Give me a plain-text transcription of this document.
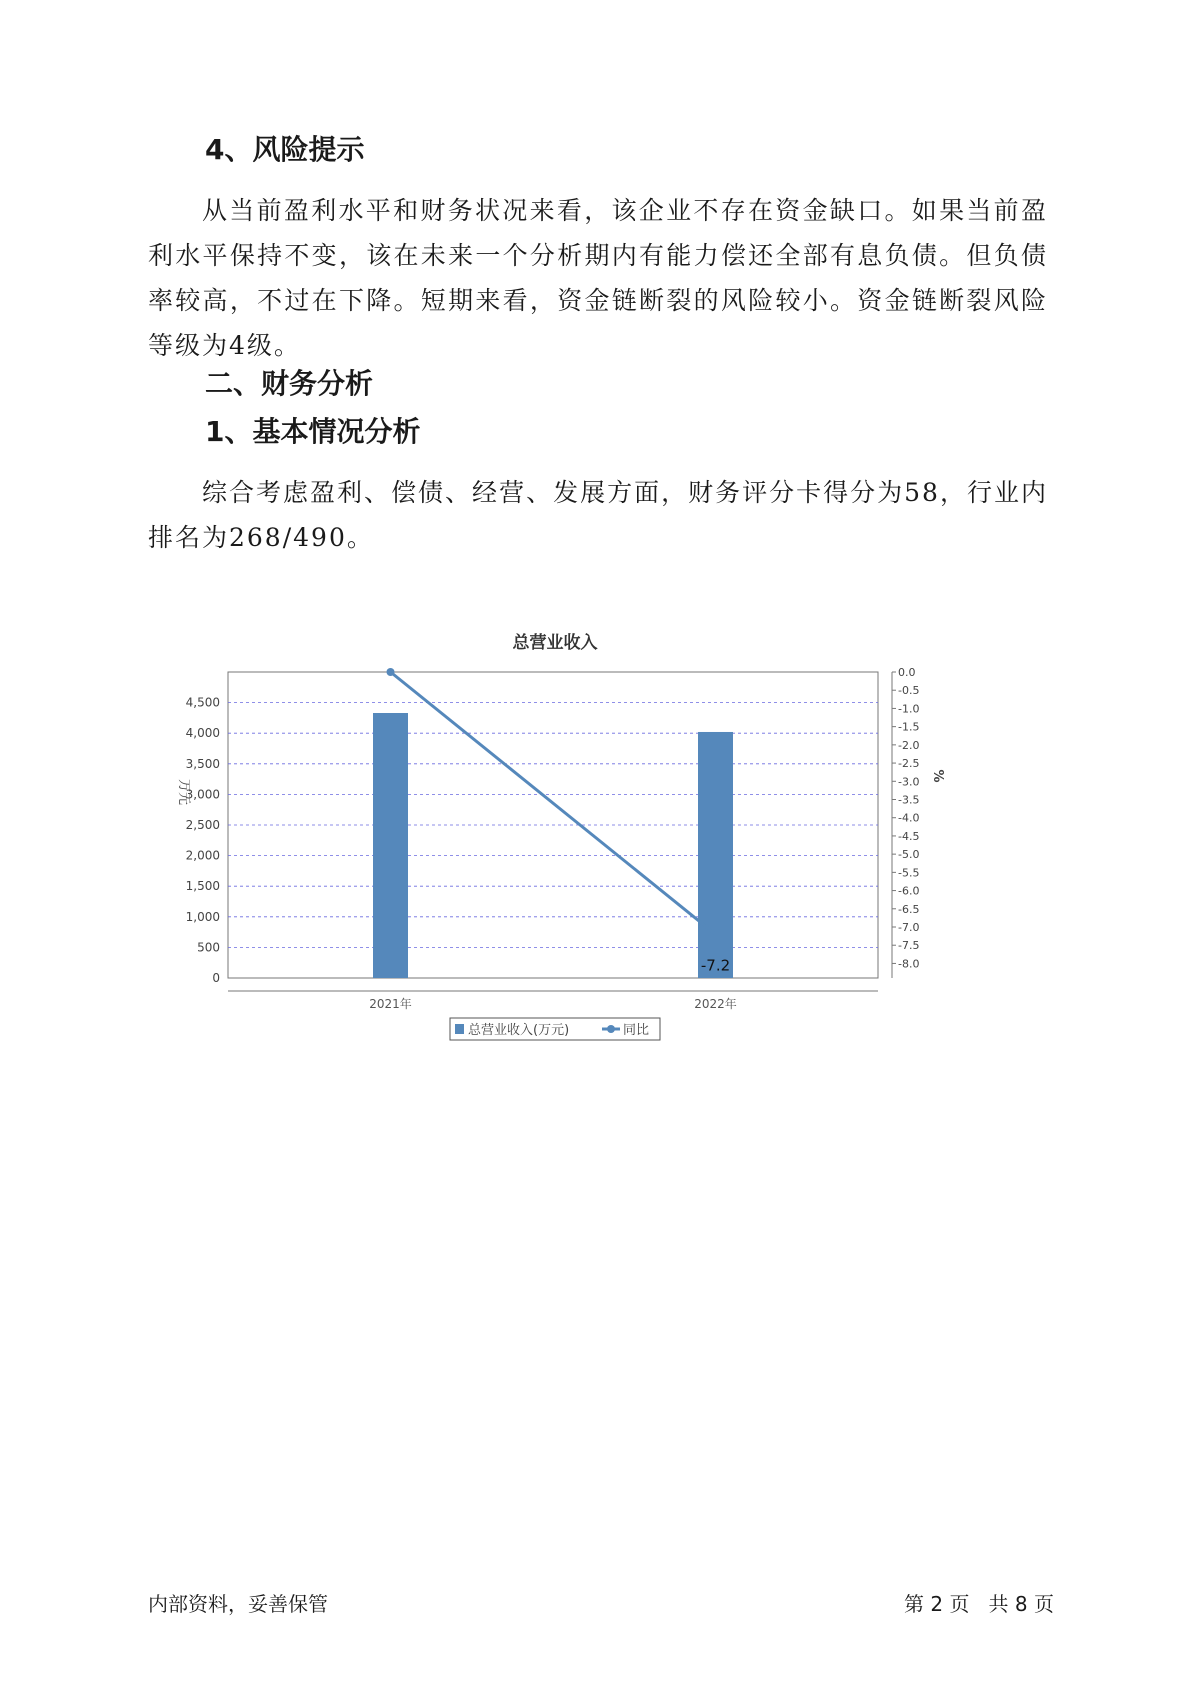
4、风险提示

从当前盈利水平和财务状况来看，该企业不存在资金缺口。如果当前盈利水平保持不变，该在未来一个分析期内有能力偿还全部有息负债。但负债率较高，不过在下降。短期来看，资金链断裂的风险较小。资金链断裂风险等级为4级。

二、财务分析
1、基本情况分析

综合考虑盈利、偿债、经营、发展方面，财务评分卡得分为58，行业内排名为268/490。

总营业收入
0
500
1,000
1,500
2,000
2,500
3,000
3,500
4,000
4,500
0.0
-0.5
-1.0
-1.5
-2.0
-2.5
-3.0
-3.5
-4.0
-4.5
-5.0
-5.5
-6.0
-6.5
-7.0
-7.5
-8.0
2021年	2022年
-7.2
总营业收入(万元)	同比
万元
%
内部资料，妥善保管	第 2 页   共 8 页
